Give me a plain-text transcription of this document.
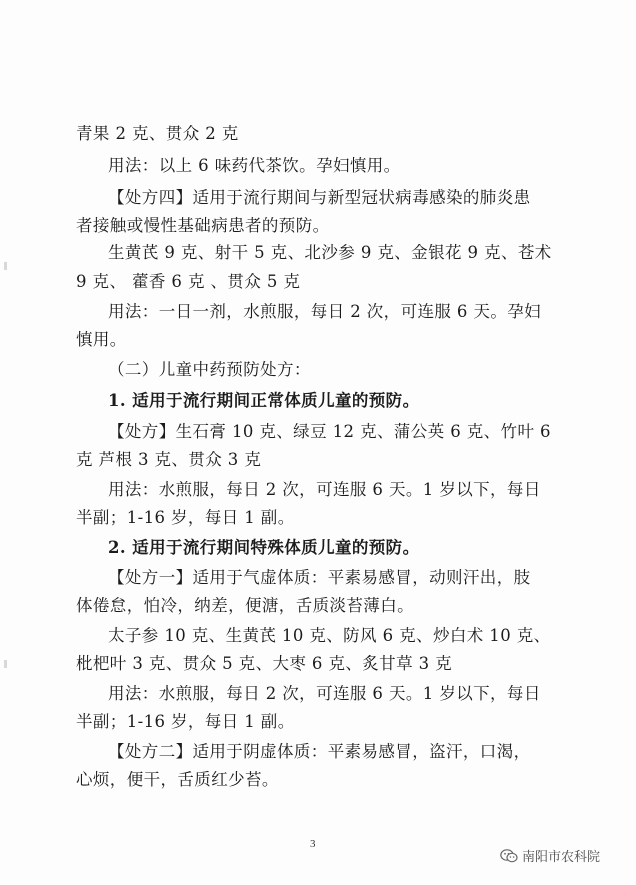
青果 2 克、贯众 2 克
用法：以上 6 味药代茶饮。孕妇慎用。
【处方四】适用于流行期间与新型冠状病毒感染的肺炎患
者接触或慢性基础病患者的预防。
生黄芪 9 克、射干 5 克、北沙参 9 克、金银花 9 克、苍术
9 克、 藿香 6 克 、贯众 5 克
用法：一日一剂，水煎服，每日 2 次，可连服 6 天。孕妇
慎用。
（二）儿童中药预防处方：
1. 适用于流行期间正常体质儿童的预防。
【处方】生石膏 10 克、绿豆 12 克、蒲公英 6 克、竹叶 6
克 芦根 3 克、贯众 3 克
用法：水煎服，每日 2 次，可连服 6 天。1 岁以下，每日
半副；1-16 岁，每日 1 副。
2. 适用于流行期间特殊体质儿童的预防。
【处方一】适用于气虚体质：平素易感冒，动则汗出，肢
体倦怠，怕冷，纳差，便溏，舌质淡苔薄白。
太子参 10 克、生黄芪 10 克、防风 6 克、炒白术 10 克、
枇杷叶 3 克、贯众 5 克、大枣 6 克、炙甘草 3 克
用法：水煎服，每日 2 次，可连服 6 天。1 岁以下，每日
半副；1-16 岁，每日 1 副。
【处方二】适用于阴虚体质：平素易感冒，盗汗，口渴，
心烦，便干，舌质红少苔。
3
南阳市农科院
